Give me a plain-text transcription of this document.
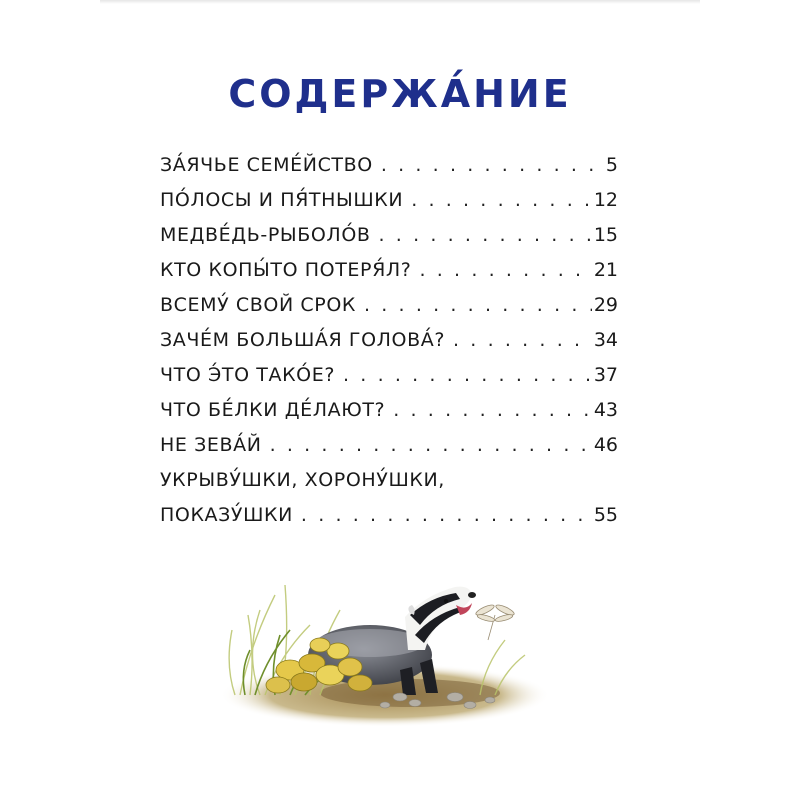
СОДЕРЖА́НИЕ
ЗА́ЯЧЬЕ СЕМЕ́ЙСТВО . . .	5
ПО́ЛОСЫ И ПЯ́ТНЫШКИ . . .	12
МЕДВЕ́ДЬ-РЫБОЛО́В . . .	15
КТО КОПЫ́ТО ПОТЕРЯ́Л? . . .	21
ВСЕМУ́ СВОЙ СРОК . . .	29
ЗАЧЕ́М БОЛЬША́Я ГОЛОВА́? . . .	34
ЧТО Э́ТО ТАКО́Е? . . .	37
ЧТО БЕ́ЛКИ ДЕ́ЛАЮТ? . . .	43
НЕ ЗЕВА́Й . . .	46
УКРЫВУ́ШКИ, ХОРОНУ́ШКИ,
ПОКАЗУ́ШКИ . . .	55
